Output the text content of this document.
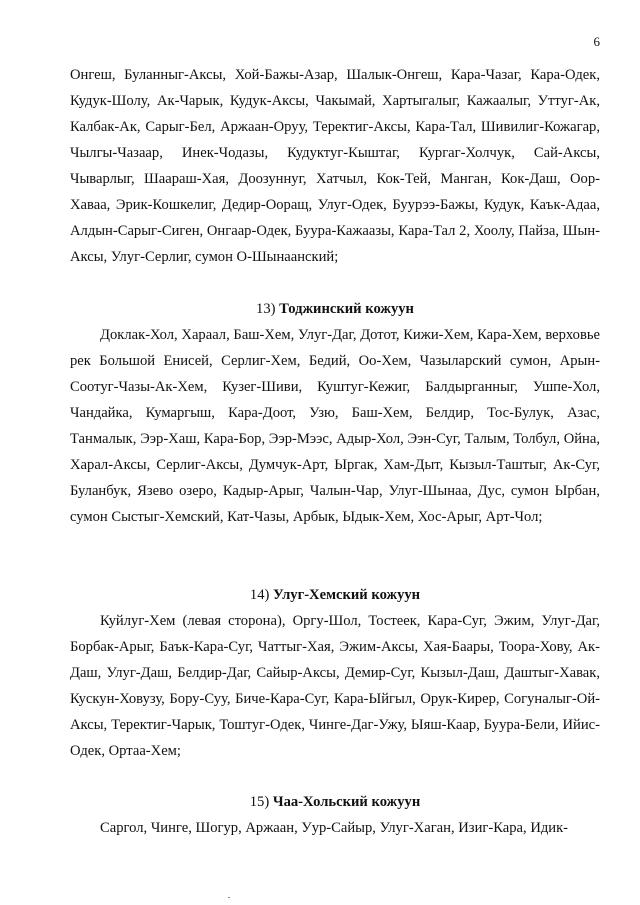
6

Онгеш, Буланныг-Аксы, Хой-Бажы-Азар, Шалык-Онгеш, Кара-Чазаг, Кара-Одек, Кудук-Шолу, Ак-Чарык, Кудук-Аксы, Чакымай, Хартыгалыг, Кажаалыг, Уттуг-Ак, Калбак-Ак, Сарыг-Бел, Аржаан-Оруу, Теректиг-Аксы, Кара-Тал, Шивилиг-Кожагар, Чылгы-Чазаар, Инек-Чодазы, Кудуктуг-Кыштаг, Кургаг-Холчук, Сай-Аксы, Чыварлыг, Шаараш-Хая, Доозуннуг, Хатчыл, Кок-Тей, Манган, Кок-Даш, Оор-Хаваа, Эрик-Кошкелиг, Дедир-Ооращ, Улуг-Одек, Буурээ-Бажы, Кудук, Каък-Адаа, Алдын-Сарыг-Сиген, Онгаар-Одек, Буура-Кажаазы, Кара-Тал 2, Хоолу, Пайза, Шын-Аксы, Улуг-Серлиг, сумон О-Шынаанский;

13) Тоджинский кожуун

Доклак-Хол, Хараал, Баш-Хем, Улуг-Даг, Дотот, Кижи-Хем, Кара-Хем, верховье рек Большой Енисей, Серлиг-Хем, Бедий, Оо-Хем, Чазыларский сумон, Арын-Соотуг-Чазы-Ак-Хем, Кузег-Шиви, Куштуг-Кежиг, Балдырганныг, Ушпе-Хол, Чандайка, Кумаргыш, Кара-Доот, Узю, Баш-Хем, Белдир, Тос-Булук, Азас, Танмалык, Ээр-Хаш, Кара-Бор, Ээр-Мээс, Адыр-Хол, Ээн-Суг, Талым, Толбул, Ойна, Харал-Аксы, Серлиг-Аксы, Думчук-Арт, Ыргак, Хам-Дыт, Кызыл-Таштыг, Ак-Суг, Буланбук, Язево озеро, Кадыр-Арыг, Чалын-Чар, Улуг-Шынаа, Дус, сумон Ырбан, сумон Сыстыг-Хемский, Кат-Чазы, Арбык, Ыдык-Хем, Хос-Арыг, Арт-Чол;

14) Улуг-Хемский кожуун

Куйлуг-Хем (левая сторона), Оргу-Шол, Тостеек, Кара-Суг, Эжим, Улуг-Даг, Борбак-Арыг, Баък-Кара-Суг, Чаттыг-Хая, Эжим-Аксы, Хая-Баары, Тоора-Хову, Ак-Даш, Улуг-Даш, Белдир-Даг, Сайыр-Аксы, Демир-Суг, Кызыл-Даш, Даштыг-Хавак, Кускун-Ховузу, Бору-Суу, Биче-Кара-Суг, Кара-Ыйгыл, Орук-Кирер, Согуналыг-Ой-Аксы, Теректиг-Чарык, Тоштуг-Одек, Чинге-Даг-Ужу, Ыяш-Каар, Буура-Бели, Ийис-Одек, Ортаа-Хем;

15) Чаа-Хольский кожуун

Саргол, Чинге, Шогур, Аржаан, Уур-Сайыр, Улуг-Хаган, Изиг-Кара, Идик-
